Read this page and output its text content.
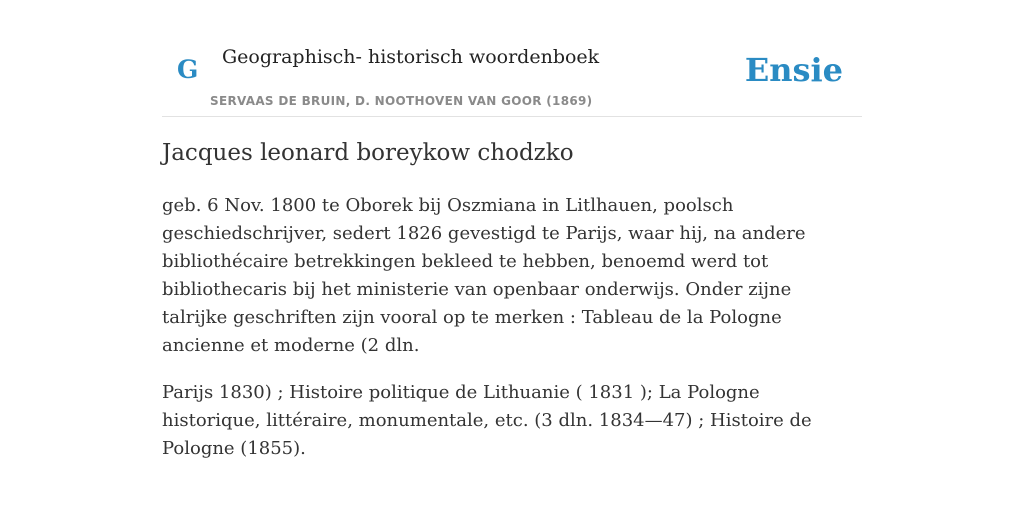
G Geographisch- historisch woordenboek
SERVAAS DE BRUIN, D. NOOTHOVEN VAN GOOR (1869)
Ensie
Jacques leonard boreykow chodzko

geb. 6 Nov. 1800 te Oborek bij Oszmiana in Litlhauen, poolsch geschiedschrijver, sedert 1826 gevestigd te Parijs, waar hij, na andere bibliothécaire betrekkingen bekleed te hebben, benoemd werd tot bibliothecaris bij het ministerie van openbaar onderwijs. Onder zijne talrijke geschriften zijn vooral op te merken : Tableau de la Pologne ancienne et moderne (2 dln.

Parijs 1830) ; Histoire politique de Lithuanie ( 1831 ); La Pologne historique, littéraire, monumentale, etc. (3 dln. 1834—47) ; Histoire de Pologne (1855).
